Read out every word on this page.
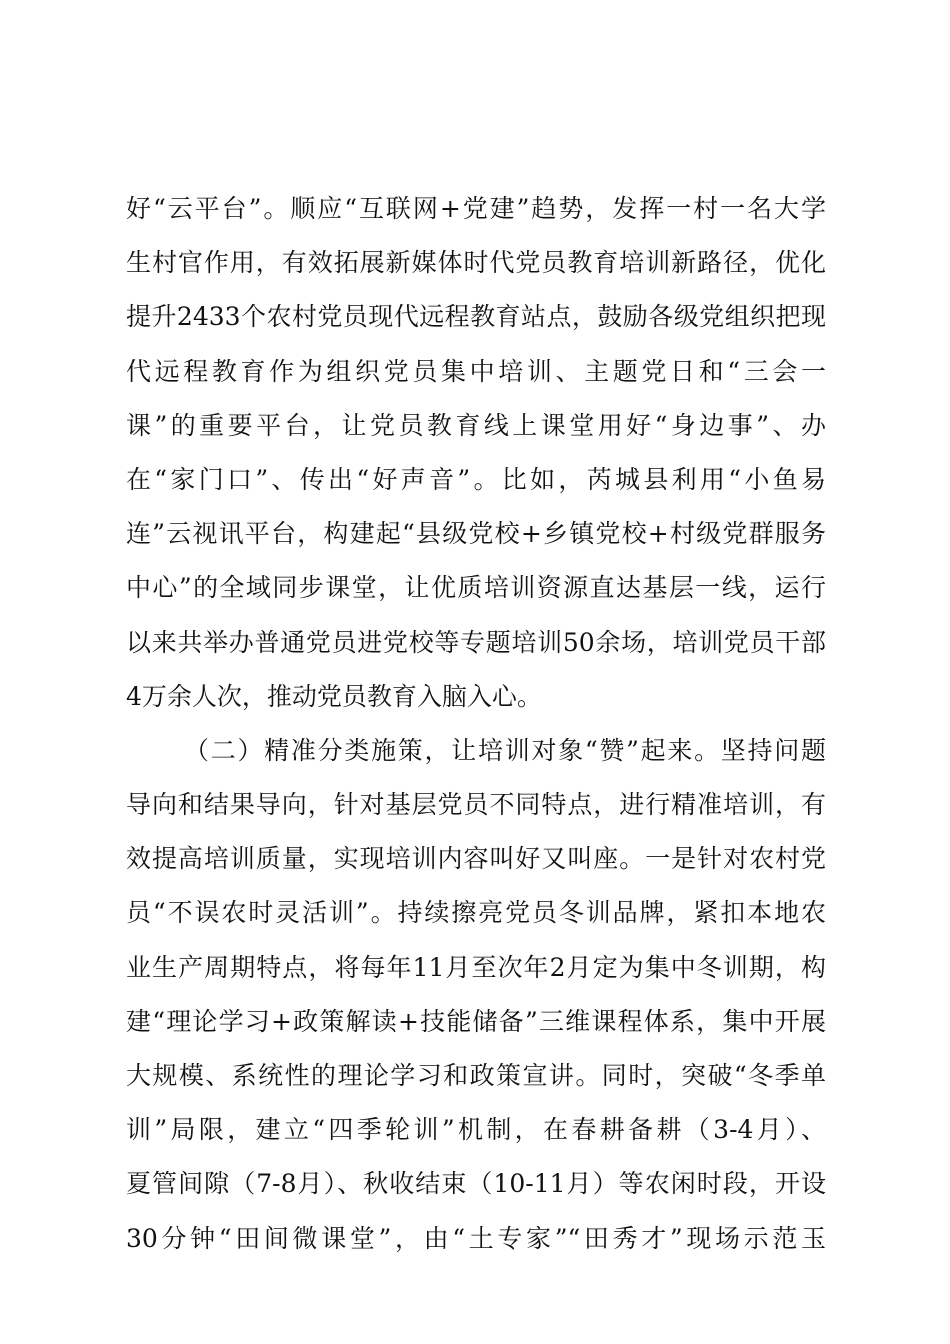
好“云平台”。顺应“互联网+党建”趋势，发挥一村一名大学
生村官作用，有效拓展新媒体时代党员教育培训新路径，优化
提升2433个农村党员现代远程教育站点，鼓励各级党组织把现
代远程教育作为组织党员集中培训、主题党日和“三会一
课”的重要平台，让党员教育线上课堂用好“身边事”、办
在“家门口”、传出“好声音”。比如，芮城县利用“小鱼易
连”云视讯平台，构建起“县级党校+乡镇党校+村级党群服务
中心”的全域同步课堂，让优质培训资源直达基层一线，运行
以来共举办普通党员进党校等专题培训50余场，培训党员干部
4万余人次，推动党员教育入脑入心。
（二）精准分类施策，让培训对象“赞”起来。坚持问题
导向和结果导向，针对基层党员不同特点，进行精准培训，有
效提高培训质量，实现培训内容叫好又叫座。一是针对农村党
员“不误农时灵活训”。持续擦亮党员冬训品牌，紧扣本地农
业生产周期特点，将每年11月至次年2月定为集中冬训期，构
建“理论学习+政策解读+技能储备”三维课程体系，集中开展
大规模、系统性的理论学习和政策宣讲。同时，突破“冬季单
训”局限，建立“四季轮训”机制，在春耕备耕（3-4月）、
夏管间隙（7-8月）、秋收结束（10-11月）等农闲时段，开设
30分钟“田间微课堂”，由“土专家”“田秀才”现场示范玉
